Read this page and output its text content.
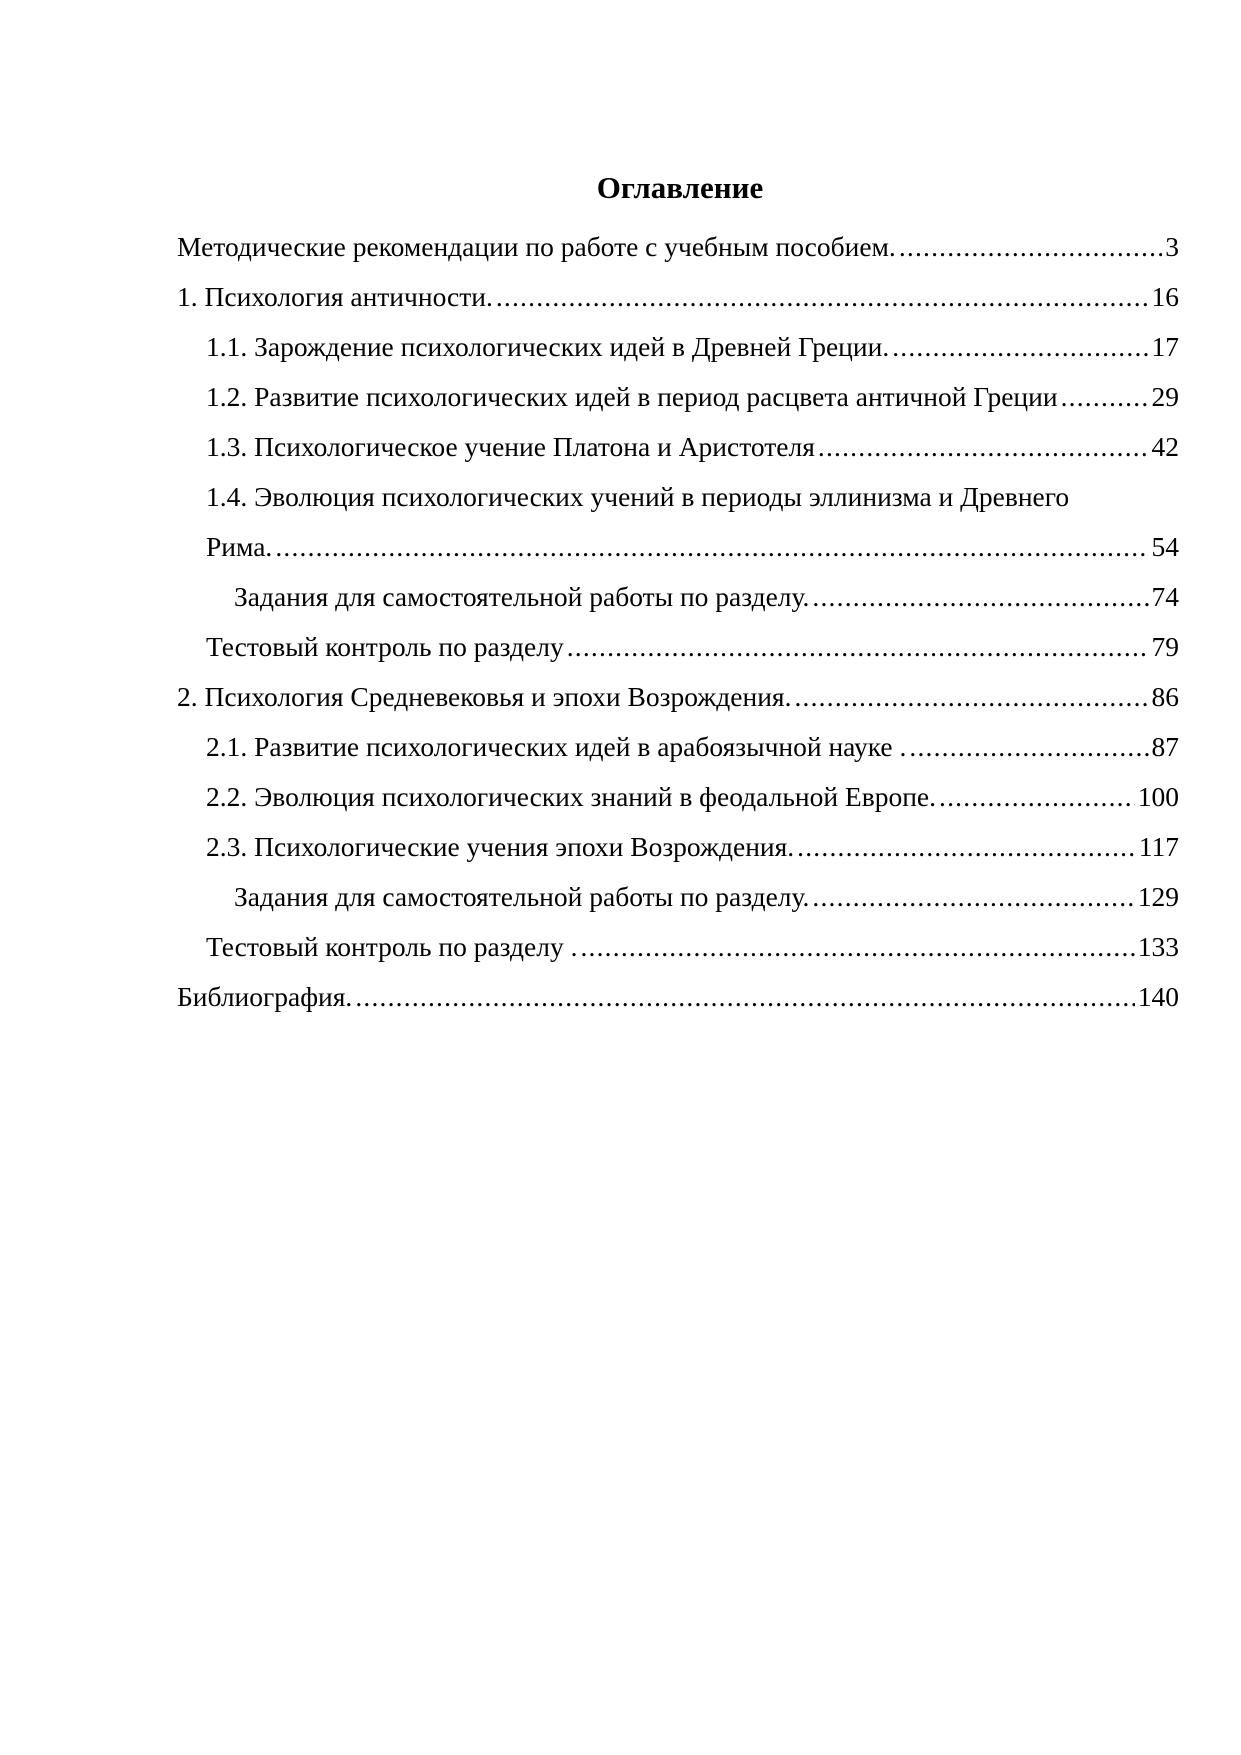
Оглавление
Методические рекомендации по работе с учебным пособием. .....	3
1. Психология античности. .....	16
1.1. Зарождение психологических идей в Древней Греции. .....	17
1.2. Развитие психологических идей в период расцвета античной Греции .....	29
1.3. Психологическое учение Платона и Аристотеля .....	42
1.4. Эволюция психологических учений в периоды эллинизма и Древнего
Рима. .....	54
Задания для самостоятельной работы по разделу. .....	74
Тестовый контроль по разделу .....	79
2. Психология Средневековья и эпохи Возрождения. .....	86
2.1. Развитие психологических идей в арабоязычной науке . .....	87
2.2. Эволюция психологических знаний в феодальной Европе. .....	100
2.3. Психологические учения эпохи Возрождения. .....	117
Задания для самостоятельной работы по разделу. .....	129
Тестовый контроль по разделу . .....	133
Библиография. .....	140
